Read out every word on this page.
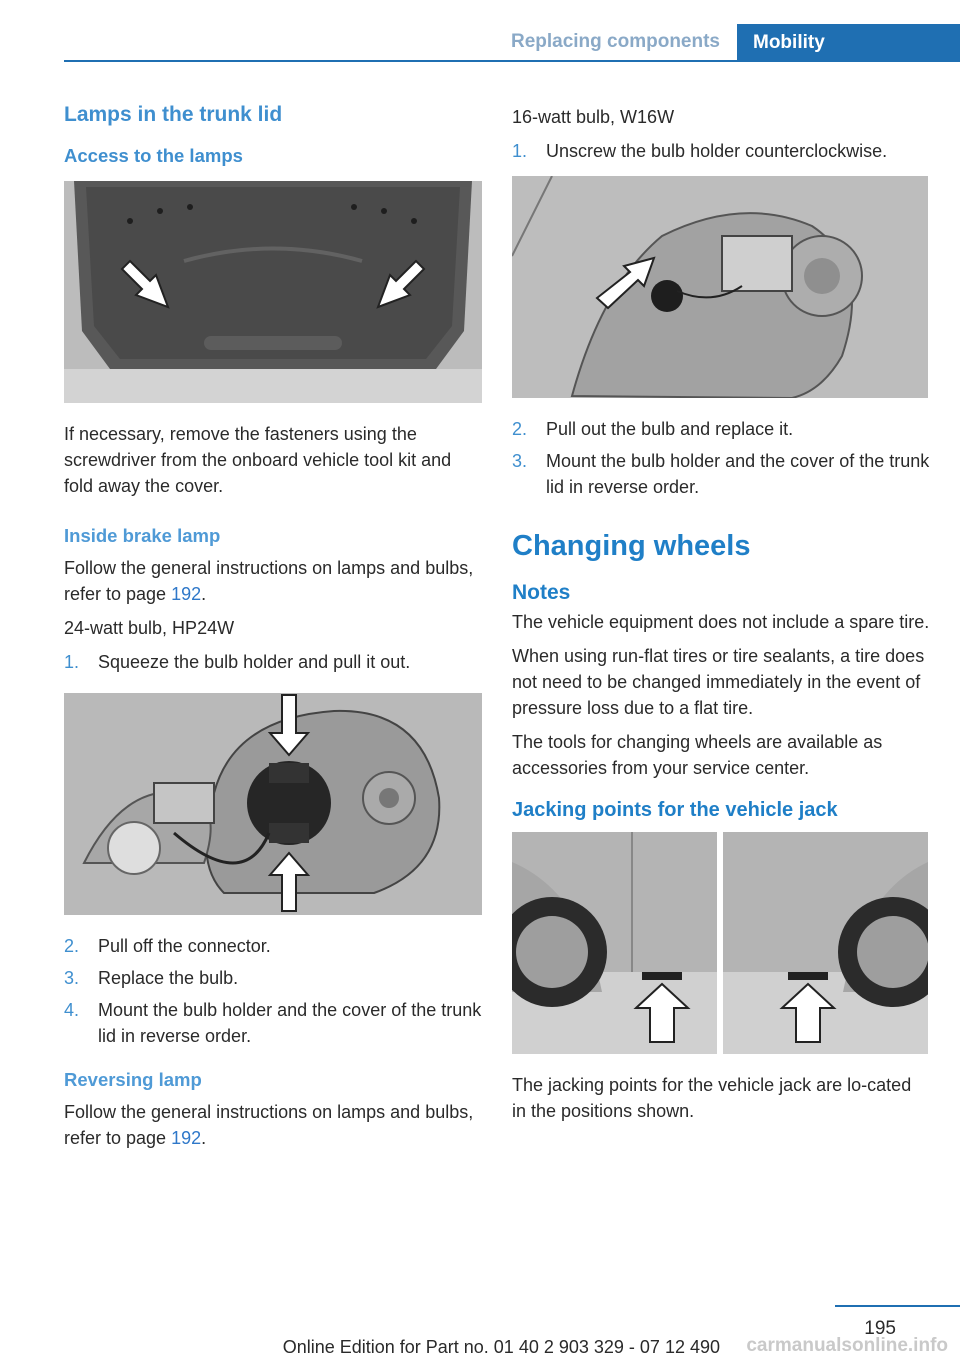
Replacing components	Mobility
Lamps in the trunk lid
Access to the lamps

If necessary, remove the fasteners using the screwdriver from the onboard vehicle tool kit and fold away the cover.

Inside brake lamp

Follow the general instructions on lamps and bulbs, refer to page 192.

24-watt bulb, HP24W

1. Squeeze the bulb holder and pull it out.
2. Pull off the connector.
3. Replace the bulb.
4. Mount the bulb holder and the cover of the trunk lid in reverse order.
Reversing lamp

Follow the general instructions on lamps and bulbs, refer to page 192.

16-watt bulb, W16W

1. Unscrew the bulb holder counterclockwise.
2. Pull out the bulb and replace it.
3. Mount the bulb holder and the cover of the trunk lid in reverse order.
Changing wheels
Notes

The vehicle equipment does not include a spare tire.

When using run-flat tires or tire sealants, a tire does not need to be changed immediately in the event of pressure loss due to a flat tire.

The tools for changing wheels are available as accessories from your service center.

Jacking points for the vehicle jack

The jacking points for the vehicle jack are lo‐cated in the positions shown.

195
Online Edition for Part no. 01 40 2 903 329 - 07 12 490 carmanualsonline.info
